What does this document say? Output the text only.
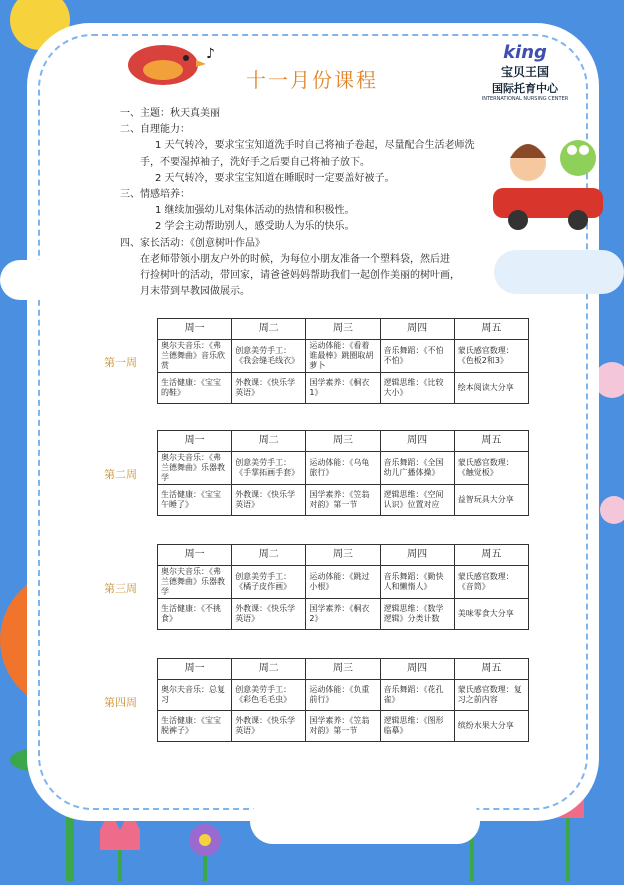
♪
十一月份课程
king
宝贝王国
国际托育中心
INTERNATIONAL NURSING CENTER
一、主题：秋天真美丽
二、自理能力：
1 天气转冷，要求宝宝知道洗手时自己将袖子卷起，尽量配合生活老师洗
手，不要湿掉袖子，洗好手之后要自己将袖子放下。
2 天气转冷，要求宝宝知道在睡眠时一定要盖好被子。
三、情感培养：
1 继续加强幼儿对集体活动的热情和积极性。
2 学会主动帮助别人，感受助人为乐的快乐。
四、家长活动：《创意树叶作品》
在老师带领小朋友户外的时候，为每位小朋友准备一个塑料袋，然后进
行捡树叶的活动，带回家，请爸爸妈妈帮助我们一起创作美丽的树叶画，
月末带到早教园做展示。
第一周
周一	周二	周三	周四	周五
奥尔夫音乐：《弗兰德舞曲》音乐欣赏	创意美劳手工：《我会缝毛线衣》	运动体能：《看着谁最棒》跳圈取胡萝卜	音乐舞蹈：《不怕不怕》	蒙氏感官数理：《色板2和3》
生活健康：《宝宝的鞋》	外教课：《快乐学英语》	国学素养：《桐衣1》	逻辑思维：《比较大小》	绘本阅读大分享
第二周
周一	周二	周三	周四	周五
奥尔夫音乐：《弗兰德舞曲》乐器教学	创意美劳手工：《手掌拓画手套》	运动体能：《乌龟旅行》	音乐舞蹈：《全国幼儿广播体操》	蒙氏感官数理：《触觉板》
生活健康：《宝宝午睡了》	外教课：《快乐学英语》	国学素养：《笠翁对韵》第一节	逻辑思维：《空间认识》位置对应	益智玩具大分享
第三周
周一	周二	周三	周四	周五
奥尔夫音乐：《弗兰德舞曲》乐器教学	创意美劳手工：《橘子皮作画》	运动体能：《跳过小根》	音乐舞蹈：《勤快人和懒惰人》	蒙氏感官数理：《音筒》
生活健康：《不挑食》	外教课：《快乐学英语》	国学素养：《桐衣2》	逻辑思维：《数学逻辑》分类计数	美味零食大分享
第四周
周一	周二	周三	周四	周五
奥尔夫音乐：总复习	创意美劳手工：《彩色毛毛虫》	运动体能：《负重前行》	音乐舞蹈：《花孔雀》	蒙氏感官数理：复习之前内容
生活健康：《宝宝脱裤子》	外教课：《快乐学英语》	国学素养：《笠翁对韵》第一节	逻辑思维：《图形临摹》	缤纷水果大分享
